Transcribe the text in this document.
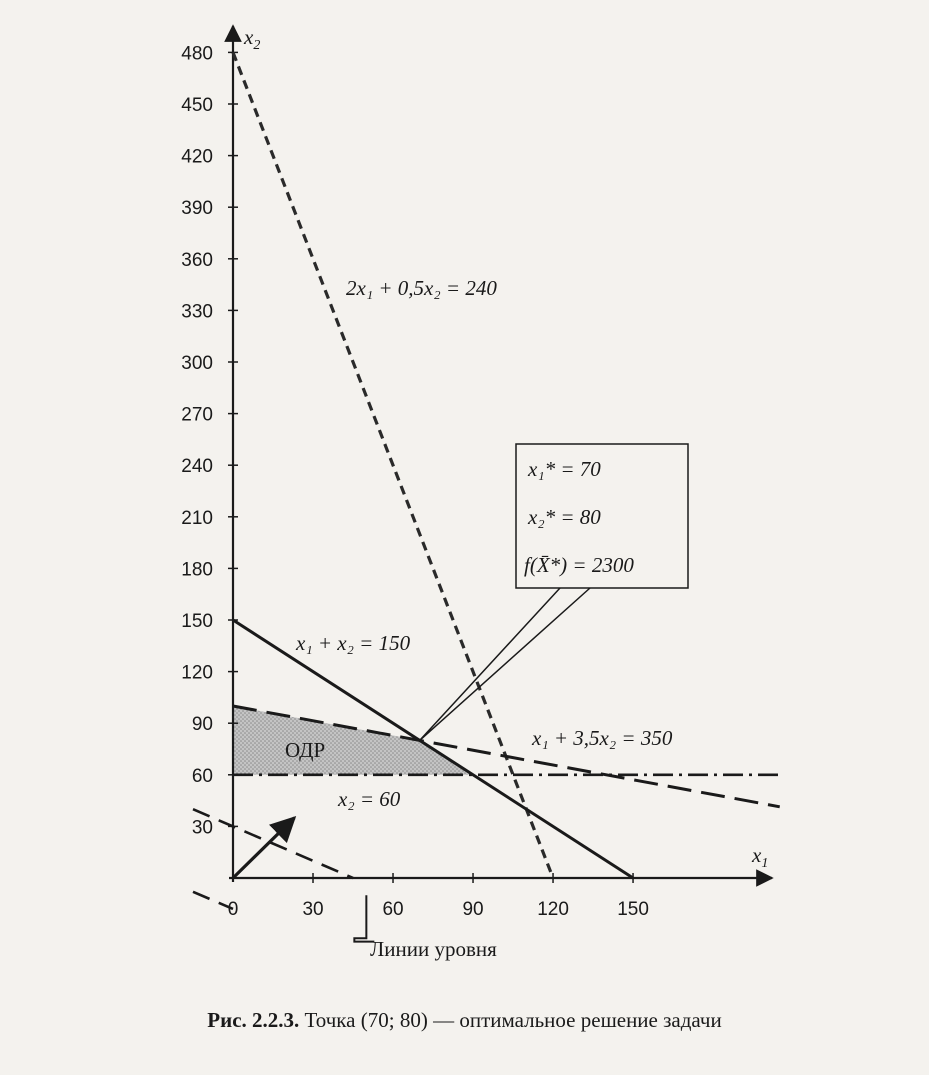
0	30	60	90	120	150
30
60
90
120
150
180
210
240
270
300
330
360
390
420
450
480
x₁* = 70
x₂* = 80
f(X̄*) = 2300
$x_2$
$x_1$
2x₁ + 0,5x₂ = 240
x₁ + x₂ = 150
x₁ + 3,5x₂ = 350
x₂ = 60
ОДР
Линии уровня
Рис. 2.2.3. Точка (70; 80) — оптимальное решение задачи
